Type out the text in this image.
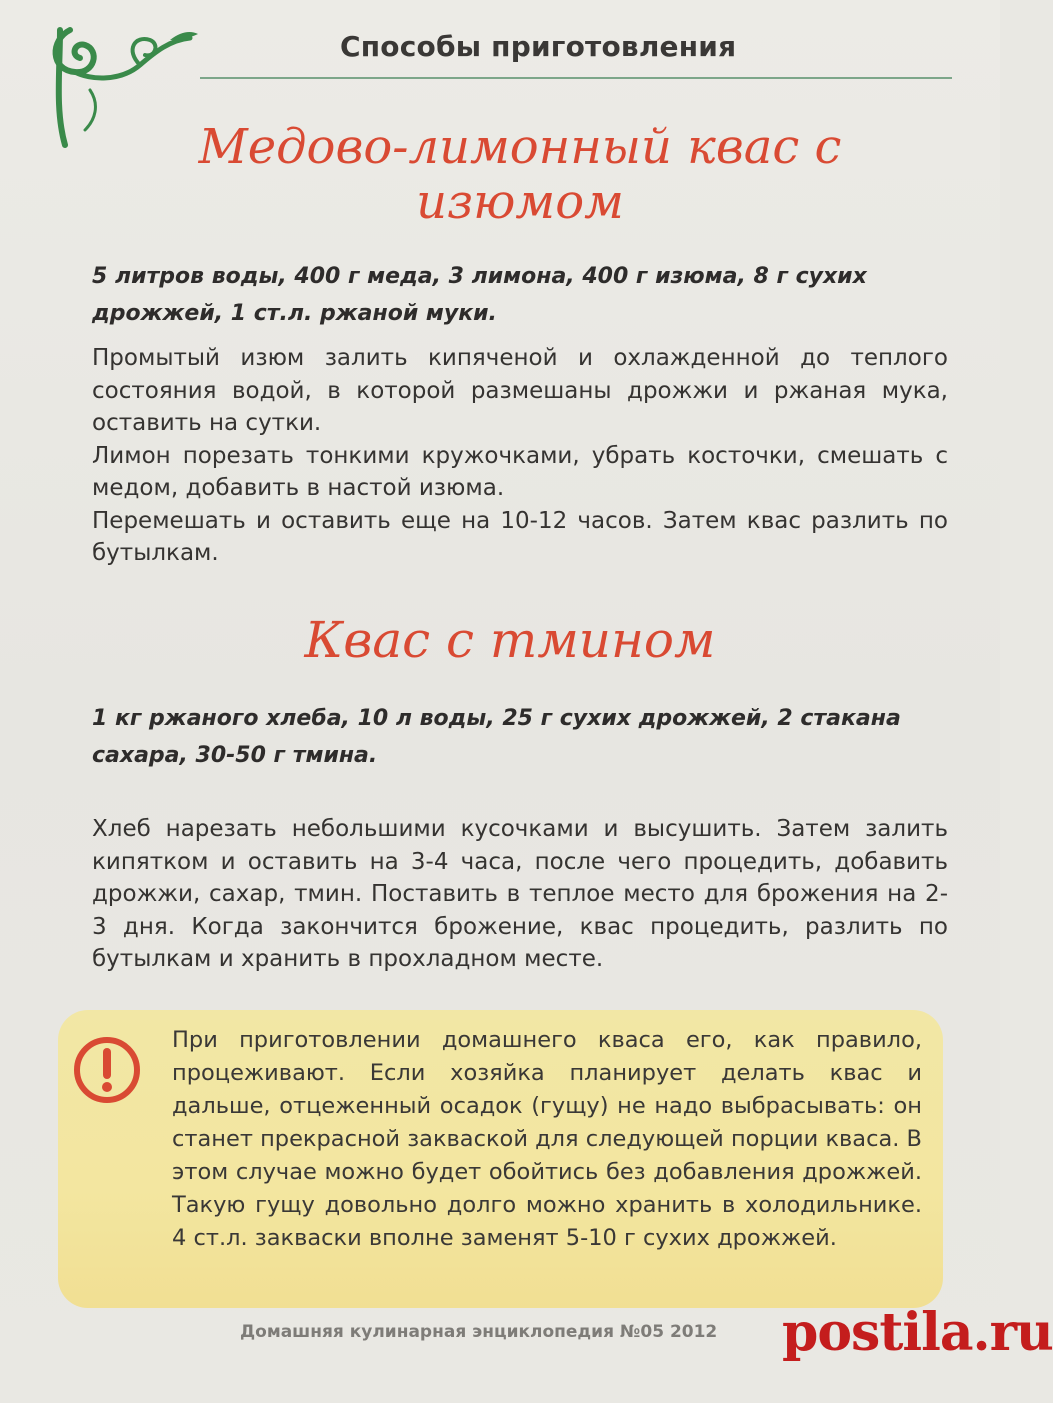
Способы приготовления
Медово-лимонный квас с изюмом
5 литров воды, 400 г меда, 3 лимона, 400 г изюма, 8 г сухих дрожжей, 1 ст.л. ржаной муки.

Промытый изюм залить кипяченой и охлажденной до теплого состояния водой, в которой размешаны дрожжи и ржаная мука, оставить на сутки.

Лимон порезать тонкими кружочками, убрать косточки, смешать с медом, добавить в настой изюма.

Перемешать и оставить еще на 10-12 часов. Затем квас разлить по бутылкам.

Квас с тмином
1 кг ржаного хлеба, 10 л воды, 25 г сухих дрожжей, 2 стакана сахара, 30-50 г тмина.

Хлеб нарезать небольшими кусочками и высушить. Затем залить кипятком и оставить на 3-4 часа, после чего процедить, добавить дрожжи, сахар, тмин. Поставить в теплое место для брожения на 2-3 дня. Когда закончится брожение, квас процедить, разлить по бутылкам и хранить в прохладном месте.

При приготовлении домашнего кваса его, как правило, процеживают. Если хозяйка планирует делать квас и дальше, отцеженный осадок (гущу) не надо выбрасывать: он станет прекрасной закваской для следующей порции кваса. В этом случае можно будет обойтись без добавления дрожжей. Такую гущу довольно долго можно хранить в холодильнике. 4 ст.л. закваски вполне заменят 5-10 г сухих дрожжей.
Домашняя кулинарная энциклопедия №05 2012 postila.ru
